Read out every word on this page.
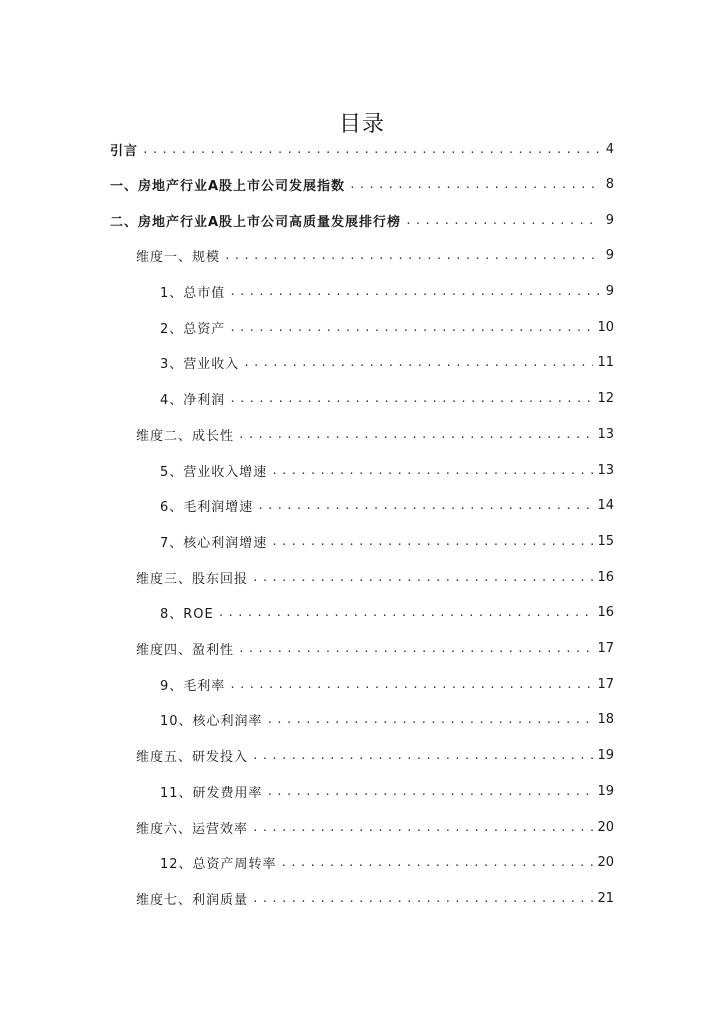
目录
引言 .....	4
一、房地产行业A股上市公司发展指数 .....	8
二、房地产行业A股上市公司高质量发展排行榜 .....	9
维度一、规模 .....	9
1、总市值 .....	9
2、总资产 .....	10
3、营业收入 .....	11
4、净利润 .....	12
维度二、成长性 .....	13
5、营业收入增速 .....	13
6、毛利润增速 .....	14
7、核心利润增速 .....	15
维度三、股东回报 .....	16
8、ROE .....	16
维度四、盈利性 .....	17
9、毛利率 .....	17
10、核心利润率 .....	18
维度五、研发投入 .....	19
11、研发费用率 .....	19
维度六、运营效率 .....	20
12、总资产周转率 .....	20
维度七、利润质量 .....	21
